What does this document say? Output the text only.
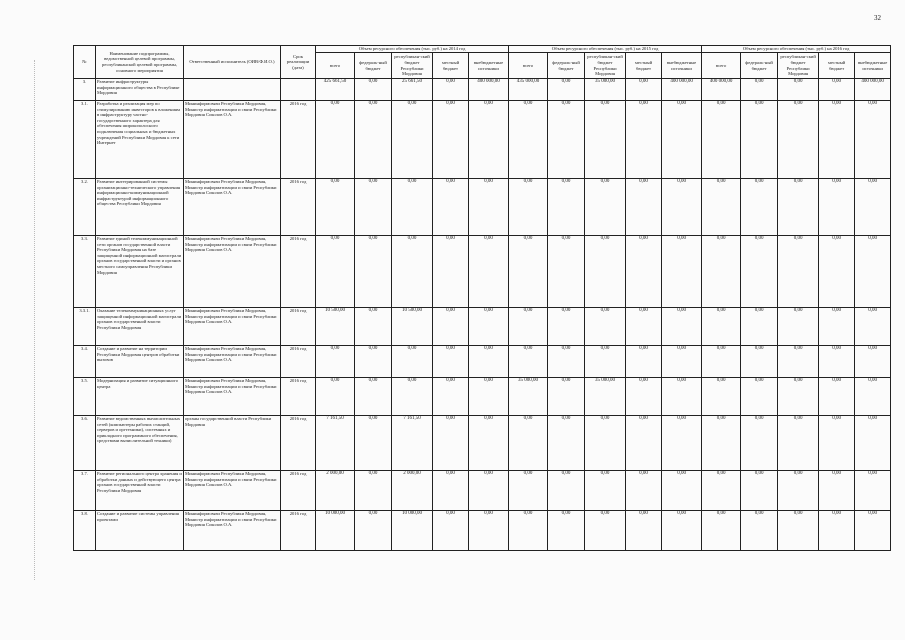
32
№	Наименование подпрограммы, ведомственной целевой программы, республиканской целевой программы, основного мероприятия	Ответственный исполнитель (ОИВ/Ф.И.О.)	Срок реализации (дата)	Объем ресурсного обеспечения (тыс. руб.) на 2014 год					Объем ресурсного обеспечения (тыс. руб.) на 2015 год					Объем ресурсного обеспечения (тыс. руб.) на 2016 год				
				всего	федераль-ный бюджет	республикан-ский бюджет Республики Мордовия	местный бюджет	внебюджетные источники	всего	федераль-ный бюджет	республикан-ский бюджет Республики Мордовия	местный бюджет	внебюджетные источники	всего	федераль-ный бюджет	республикан-ский бюджет Республики Мордовия	местный бюджет	внебюджетные источники
3.	Развитие инфраструктуры информационного общества в Республике Мордовия			425 661,50	0,00	25 661,50	0,00	400 000,00	435 000,00	0,00	35 000,00	0,00	400 000,00	400 000,00	0,00	0,00	0,00	400 000,00
3.1.	Разработка и реализация мер по стимулированию инвесторов к вложениям в инфраструктуру частно-государственного характера для обеспечения широкополосного подключения социальных и бюджетных учреждений Республики Мордовия к сети Интернет	Мининформсвязи Республики Мордовия, Министр информатизации и связи Республики Мордовия Соколов О.А.	2016 год	0,00	0,00	0,00	0,00	0,00	0,00	0,00	0,00	0,00	0,00	0,00	0,00	0,00	0,00	0,00
3.2.	Развитие интегрированной системы организационно-технического управления информационно-коммуникационной инфраструктурой информационного общества Республики Мордовия	Мининформсвязи Республики Мордовия, Министр информатизации и связи Республики Мордовия Соколов О.А.	2016 год	0,00	0,00	0,00	0,00	0,00	0,00	0,00	0,00	0,00	0,00	0,00	0,00	0,00	0,00	0,00
3.3.	Развитие единой телекоммуникационной сети органов государственной власти Республики Мордовия на базе защищенной информационной магистрали органов государственной власти и органов местного самоуправления Республики Мордовия	Мининформсвязи Республики Мордовия, Министр информатизации и связи Республики Мордовия Соколов О.А.	2016 год	0,00	0,00	0,00	0,00	0,00	0,00	0,00	0,00	0,00	0,00	0,00	0,00	0,00	0,00	0,00
3.3.1.	Оказание телекоммуникационных услуг защищенной информационной магистрали органов государственной власти Республики Мордовия	Мининформсвязи Республики Мордовия, Министр информатизации и связи Республики Мордовия Соколов О.А.	2016 год	10 500,00	0,00	10 500,00	0,00	0,00	0,00	0,00	0,00	0,00	0,00	0,00	0,00	0,00	0,00	0,00
3.4.	Создание и развитие на территории Республики Мордовия центров обработки вызовов	Мининформсвязи Республики Мордовия, Министр информатизации и связи Республики Мордовия Соколов О.А.	2016 год	0,00	0,00	0,00	0,00	0,00	0,00	0,00	0,00	0,00	0,00	0,00	0,00	0,00	0,00	0,00
3.5.	Модернизация и развитие ситуационного центра	Мининформсвязи Республики Мордовия, Министр информатизации и связи Республики Мордовия Соколов О.А.	2016 год	0,00	0,00	0,00	0,00	0,00	35 000,00	0,00	35 000,00	0,00	0,00	0,00	0,00	0,00	0,00	0,00
3.6.	Развитие ведомственных вычислительных сетей (компьютеры рабочих станций, серверов и оргтехники), системных и прикладного программного обеспечения, средствами вычислительной техники)	органы государственной власти Республики Мордовия	2016 год	7 161,50	0,00	7 161,50	0,00	0,00	0,00	0,00	0,00	0,00	0,00	0,00	0,00	0,00	0,00	0,00
3.7.	Развитие регионального центра хранения и обработки данных и действующего центра органов государственной власти Республики Мордовия	Мининформсвязи Республики Мордовия, Министр информатизации и связи Республики Мордовия Соколов О.А.	2016 год	2 000,00	0,00	2 000,00	0,00	0,00	0,00	0,00	0,00	0,00	0,00	0,00	0,00	0,00	0,00	0,00
3.8.	Создание и развитие системы управления проектами	Мининформсвязи Республики Мордовия, Министр информатизации и связи Республики Мордовия Соколов О.А.	2016 год	10 000,00	0,00	10 000,00	0,00	0,00	0,00	0,00	0,00	0,00	0,00	0,00	0,00	0,00	0,00	0,00
